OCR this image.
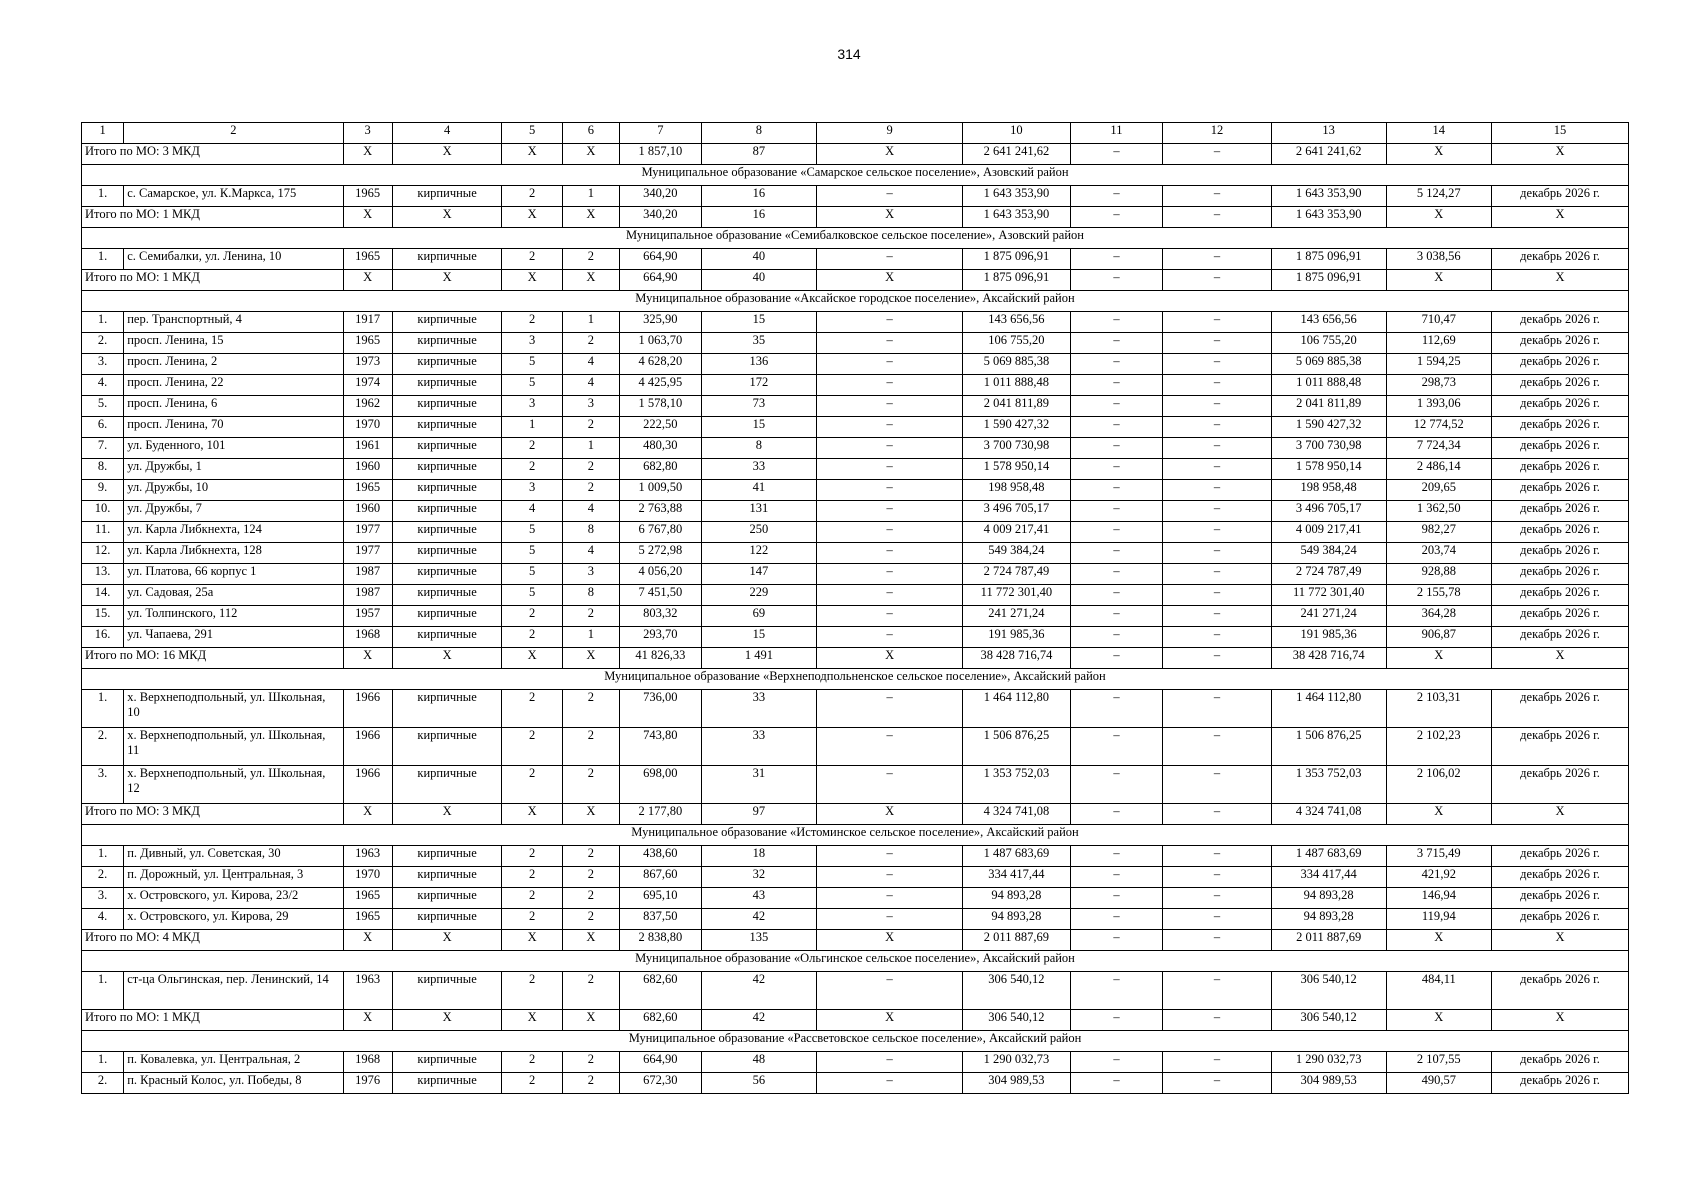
314
1	2	3	4	5	6	7	8	9	10	11	12	13	14	15
Итого по МО: 3 МКД		Х	Х	Х	Х	1 857,10	87	Х	2 641 241,62	–	–	2 641 241,62	Х	Х
Муниципальное образование «Самарское сельское поселение», Азовский район														
1.	с. Самарское, ул. К.Маркса, 175	1965	кирпичные	2	1	340,20	16	–	1 643 353,90	–	–	1 643 353,90	5 124,27	декабрь 2026 г.
Итого по МО: 1 МКД		Х	Х	Х	Х	340,20	16	Х	1 643 353,90	–	–	1 643 353,90	Х	Х
Муниципальное образование «Семибалковское сельское поселение», Азовский район														
1.	с. Семибалки, ул. Ленина, 10	1965	кирпичные	2	2	664,90	40	–	1 875 096,91	–	–	1 875 096,91	3 038,56	декабрь 2026 г.
Итого по МО: 1 МКД		Х	Х	Х	Х	664,90	40	Х	1 875 096,91	–	–	1 875 096,91	Х	Х
Муниципальное образование «Аксайское городское поселение», Аксайский район														
1.	пер. Транспортный, 4	1917	кирпичные	2	1	325,90	15	–	143 656,56	–	–	143 656,56	710,47	декабрь 2026 г.
2.	просп. Ленина, 15	1965	кирпичные	3	2	1 063,70	35	–	106 755,20	–	–	106 755,20	112,69	декабрь 2026 г.
3.	просп. Ленина, 2	1973	кирпичные	5	4	4 628,20	136	–	5 069 885,38	–	–	5 069 885,38	1 594,25	декабрь 2026 г.
4.	просп. Ленина, 22	1974	кирпичные	5	4	4 425,95	172	–	1 011 888,48	–	–	1 011 888,48	298,73	декабрь 2026 г.
5.	просп. Ленина, 6	1962	кирпичные	3	3	1 578,10	73	–	2 041 811,89	–	–	2 041 811,89	1 393,06	декабрь 2026 г.
6.	просп. Ленина, 70	1970	кирпичные	1	2	222,50	15	–	1 590 427,32	–	–	1 590 427,32	12 774,52	декабрь 2026 г.
7.	ул. Буденного, 101	1961	кирпичные	2	1	480,30	8	–	3 700 730,98	–	–	3 700 730,98	7 724,34	декабрь 2026 г.
8.	ул. Дружбы, 1	1960	кирпичные	2	2	682,80	33	–	1 578 950,14	–	–	1 578 950,14	2 486,14	декабрь 2026 г.
9.	ул. Дружбы, 10	1965	кирпичные	3	2	1 009,50	41	–	198 958,48	–	–	198 958,48	209,65	декабрь 2026 г.
10.	ул. Дружбы, 7	1960	кирпичные	4	4	2 763,88	131	–	3 496 705,17	–	–	3 496 705,17	1 362,50	декабрь 2026 г.
11.	ул. Карла Либкнехта, 124	1977	кирпичные	5	8	6 767,80	250	–	4 009 217,41	–	–	4 009 217,41	982,27	декабрь 2026 г.
12.	ул. Карла Либкнехта, 128	1977	кирпичные	5	4	5 272,98	122	–	549 384,24	–	–	549 384,24	203,74	декабрь 2026 г.
13.	ул. Платова, 66 корпус 1	1987	кирпичные	5	3	4 056,20	147	–	2 724 787,49	–	–	2 724 787,49	928,88	декабрь 2026 г.
14.	ул. Садовая, 25а	1987	кирпичные	5	8	7 451,50	229	–	11 772 301,40	–	–	11 772 301,40	2 155,78	декабрь 2026 г.
15.	ул. Толпинского, 112	1957	кирпичные	2	2	803,32	69	–	241 271,24	–	–	241 271,24	364,28	декабрь 2026 г.
16.	ул. Чапаева, 291	1968	кирпичные	2	1	293,70	15	–	191 985,36	–	–	191 985,36	906,87	декабрь 2026 г.
Итого по МО: 16 МКД		Х	Х	Х	Х	41 826,33	1 491	Х	38 428 716,74	–	–	38 428 716,74	Х	Х
Муниципальное образование «Верхнеподпольненское сельское поселение», Аксайский район														
1.	х. Верхнеподпольный, ул. Школьная, 10	1966	кирпичные	2	2	736,00	33	–	1 464 112,80	–	–	1 464 112,80	2 103,31	декабрь 2026 г.
2.	х. Верхнеподпольный, ул. Школьная, 11	1966	кирпичные	2	2	743,80	33	–	1 506 876,25	–	–	1 506 876,25	2 102,23	декабрь 2026 г.
3.	х. Верхнеподпольный, ул. Школьная, 12	1966	кирпичные	2	2	698,00	31	–	1 353 752,03	–	–	1 353 752,03	2 106,02	декабрь 2026 г.
Итого по МО: 3 МКД		Х	Х	Х	Х	2 177,80	97	Х	4 324 741,08	–	–	4 324 741,08	Х	Х
Муниципальное образование «Истоминское сельское поселение», Аксайский район														
1.	п. Дивный, ул. Советская, 30	1963	кирпичные	2	2	438,60	18	–	1 487 683,69	–	–	1 487 683,69	3 715,49	декабрь 2026 г.
2.	п. Дорожный, ул. Центральная, 3	1970	кирпичные	2	2	867,60	32	–	334 417,44	–	–	334 417,44	421,92	декабрь 2026 г.
3.	х. Островского, ул. Кирова, 23/2	1965	кирпичные	2	2	695,10	43	–	94 893,28	–	–	94 893,28	146,94	декабрь 2026 г.
4.	х. Островского, ул. Кирова, 29	1965	кирпичные	2	2	837,50	42	–	94 893,28	–	–	94 893,28	119,94	декабрь 2026 г.
Итого по МО: 4 МКД		Х	Х	Х	Х	2 838,80	135	Х	2 011 887,69	–	–	2 011 887,69	Х	Х
Муниципальное образование «Ольгинское сельское поселение», Аксайский район														
1.	ст-ца Ольгинская, пер. Ленинский, 14	1963	кирпичные	2	2	682,60	42	–	306 540,12	–	–	306 540,12	484,11	декабрь 2026 г.
Итого по МО: 1 МКД		Х	Х	Х	Х	682,60	42	Х	306 540,12	–	–	306 540,12	Х	Х
Муниципальное образование «Рассветовское сельское поселение», Аксайский район														
1.	п. Ковалевка, ул. Центральная, 2	1968	кирпичные	2	2	664,90	48	–	1 290 032,73	–	–	1 290 032,73	2 107,55	декабрь 2026 г.
2.	п. Красный Колос, ул. Победы, 8	1976	кирпичные	2	2	672,30	56	–	304 989,53	–	–	304 989,53	490,57	декабрь 2026 г.
